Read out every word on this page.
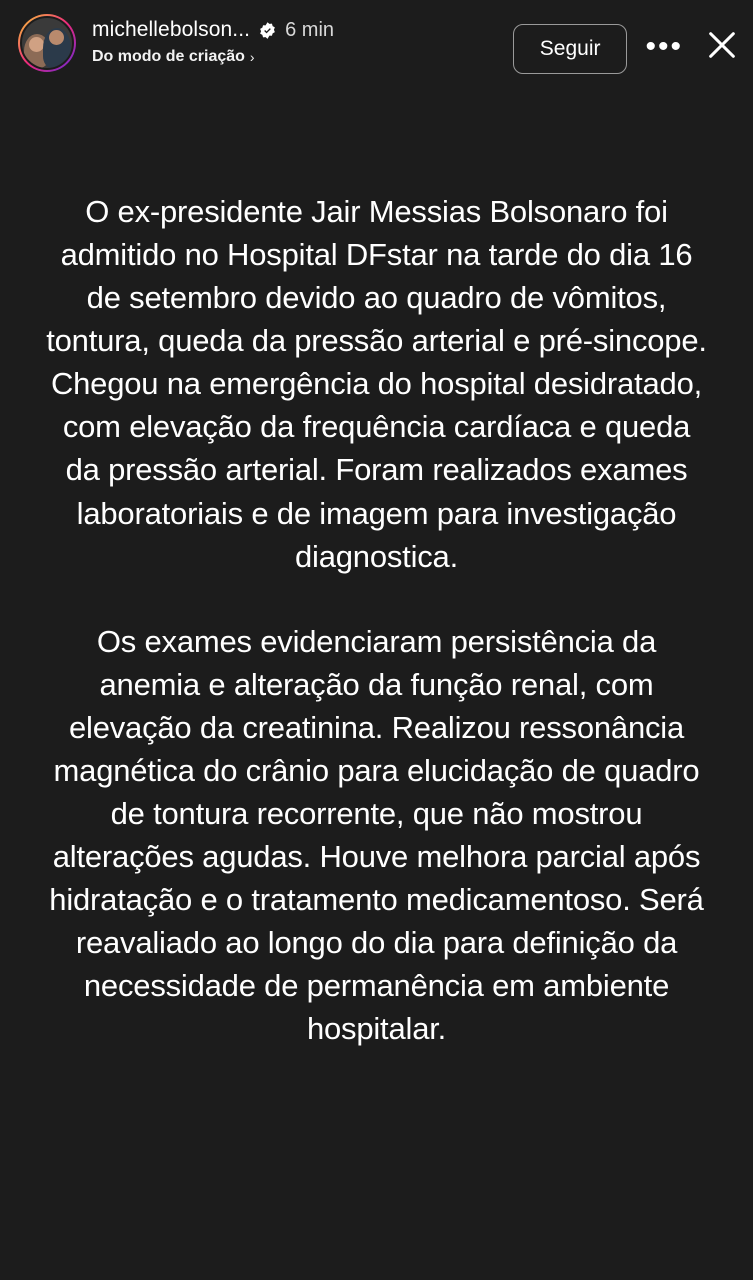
michellebolson... 6 min
Do modo de criação ›	Seguir	•••

O ex-presidente Jair Messias Bolsonaro foi admitido no Hospital DFstar na tarde do dia 16 de setembro devido ao quadro de vômitos, tontura, queda da pressão arterial e pré-sincope. Chegou na emergência do hospital desidratado, com elevação da frequência cardíaca e queda da pressão arterial. Foram realizados exames laboratoriais e de imagem para investigação diagnostica.

Os exames evidenciaram persistência da anemia e alteração da função renal, com elevação da creatinina. Realizou ressonância magnética do crânio para elucidação de quadro de tontura recorrente, que não mostrou alterações agudas. Houve melhora parcial após hidratação e o tratamento medicamentoso. Será reavaliado ao longo do dia para definição da necessidade de permanência em ambiente hospitalar.
